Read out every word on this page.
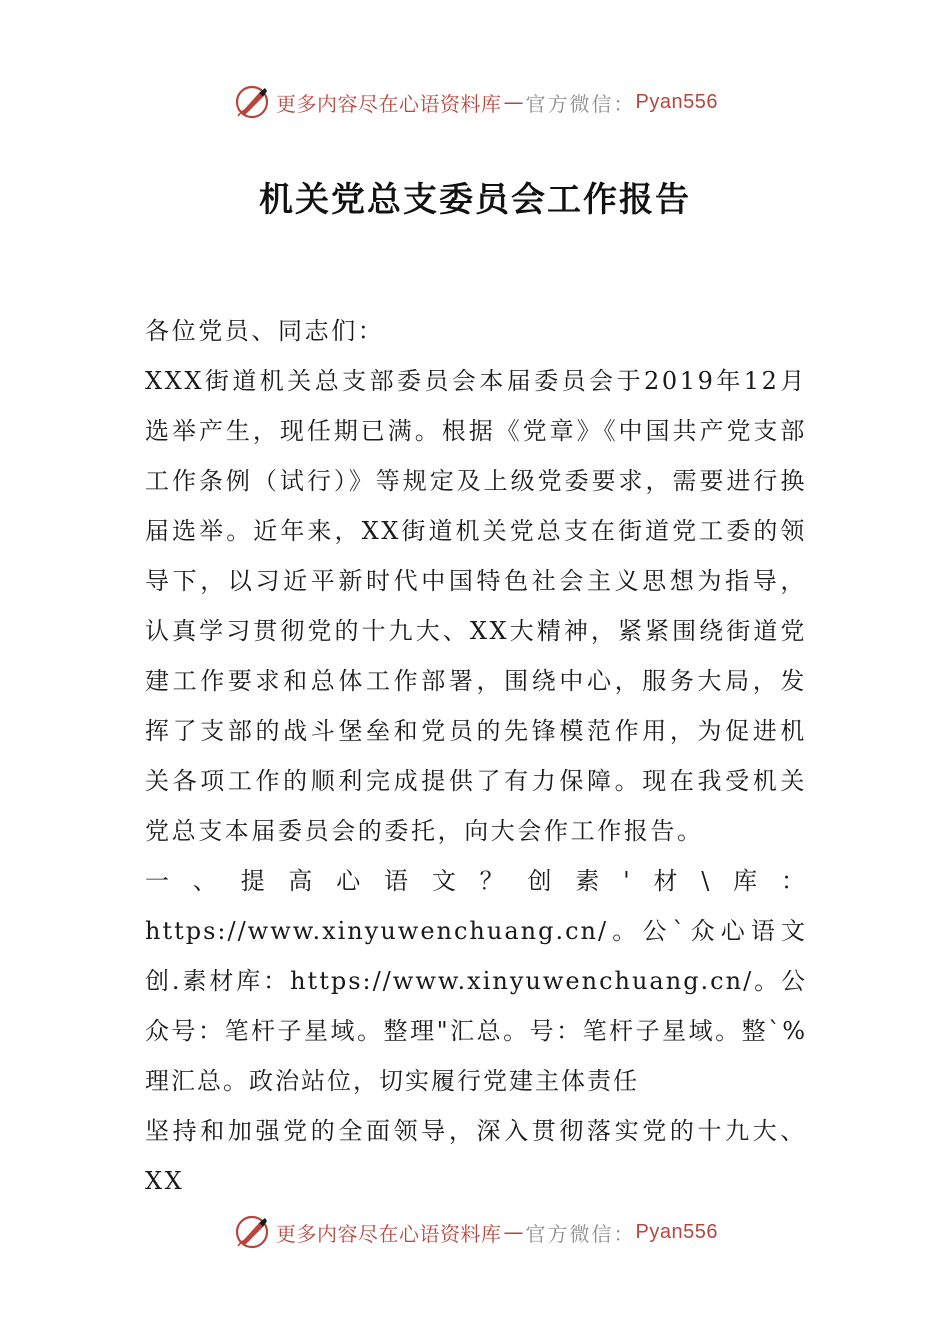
更多内容尽在心语资料库 — 官方微信： Pyan556
机关党总支委员会工作报告

各位党员、同志们：

XXX街道机关总支部委员会本届委员会于2019年12月选举产生，现任期已满。根据《党章》《中国共产党支部工作条例（试行）》等规定及上级党委要求，需要进行换届选举。近年来，XX街道机关党总支在街道党工委的领导下，以习近平新时代中国特色社会主义思想为指导，认真学习贯彻党的十九大、XX大精神，紧紧围绕街道党建工作要求和总体工作部署，围绕中心，服务大局，发挥了支部的战斗堡垒和党员的先锋模范作用，为促进机关各项工作的顺利完成提供了有力保障。现在我受机关党总支本届委员会的委托，向大会作工作报告。

一、提高心语文？创素'材\库：https://www.xinyuwenchuang.cn/。公`众心语文创.素材库：https://www.xinyuwenchuang.cn/。公众号：笔杆子星域。整理"汇总。号：笔杆子星域。整`%理汇总。政治站位，切实履行党建主体责任

坚持和加强党的全面领导，深入贯彻落实党的十九大、XX

更多内容尽在心语资料库 — 官方微信： Pyan556
